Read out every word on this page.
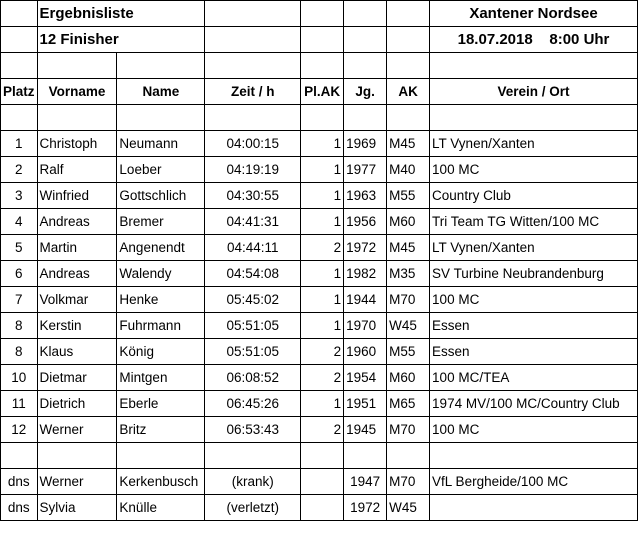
	Ergebnisliste						Xantener Nordsee
	12 Finisher						18.07.2018 8:00 Uhr

Platz	Vorname	Name	Zeit / h	Pl.AK	Jg.	AK	Verein / Ort

1	Christoph	Neumann	04:00:15	1	1969	M45	LT Vynen/Xanten
2	Ralf	Loeber	04:19:19	1	1977	M40	100 MC
3	Winfried	Gottschlich	04:30:55	1	1963	M55	Country Club
4	Andreas	Bremer	04:41:31	1	1956	M60	Tri Team TG Witten/100 MC
5	Martin	Angenendt	04:44:11	2	1972	M45	LT Vynen/Xanten
6	Andreas	Walendy	04:54:08	1	1982	M35	SV Turbine Neubrandenburg
7	Volkmar	Henke	05:45:02	1	1944	M70	100 MC
8	Kerstin	Fuhrmann	05:51:05	1	1970	W45	Essen
8	Klaus	König	05:51:05	2	1960	M55	Essen
10	Dietmar	Mintgen	06:08:52	2	1954	M60	100 MC/TEA
11	Dietrich	Eberle	06:45:26	1	1951	M65	1974 MV/100 MC/Country Club
12	Werner	Britz	06:53:43	2	1945	M70	100 MC

dns	Werner	Kerkenbusch	(krank)		1947	M70	VfL Bergheide/100 MC
dns	Sylvia	Knülle	(verletzt)		1972	W45	
